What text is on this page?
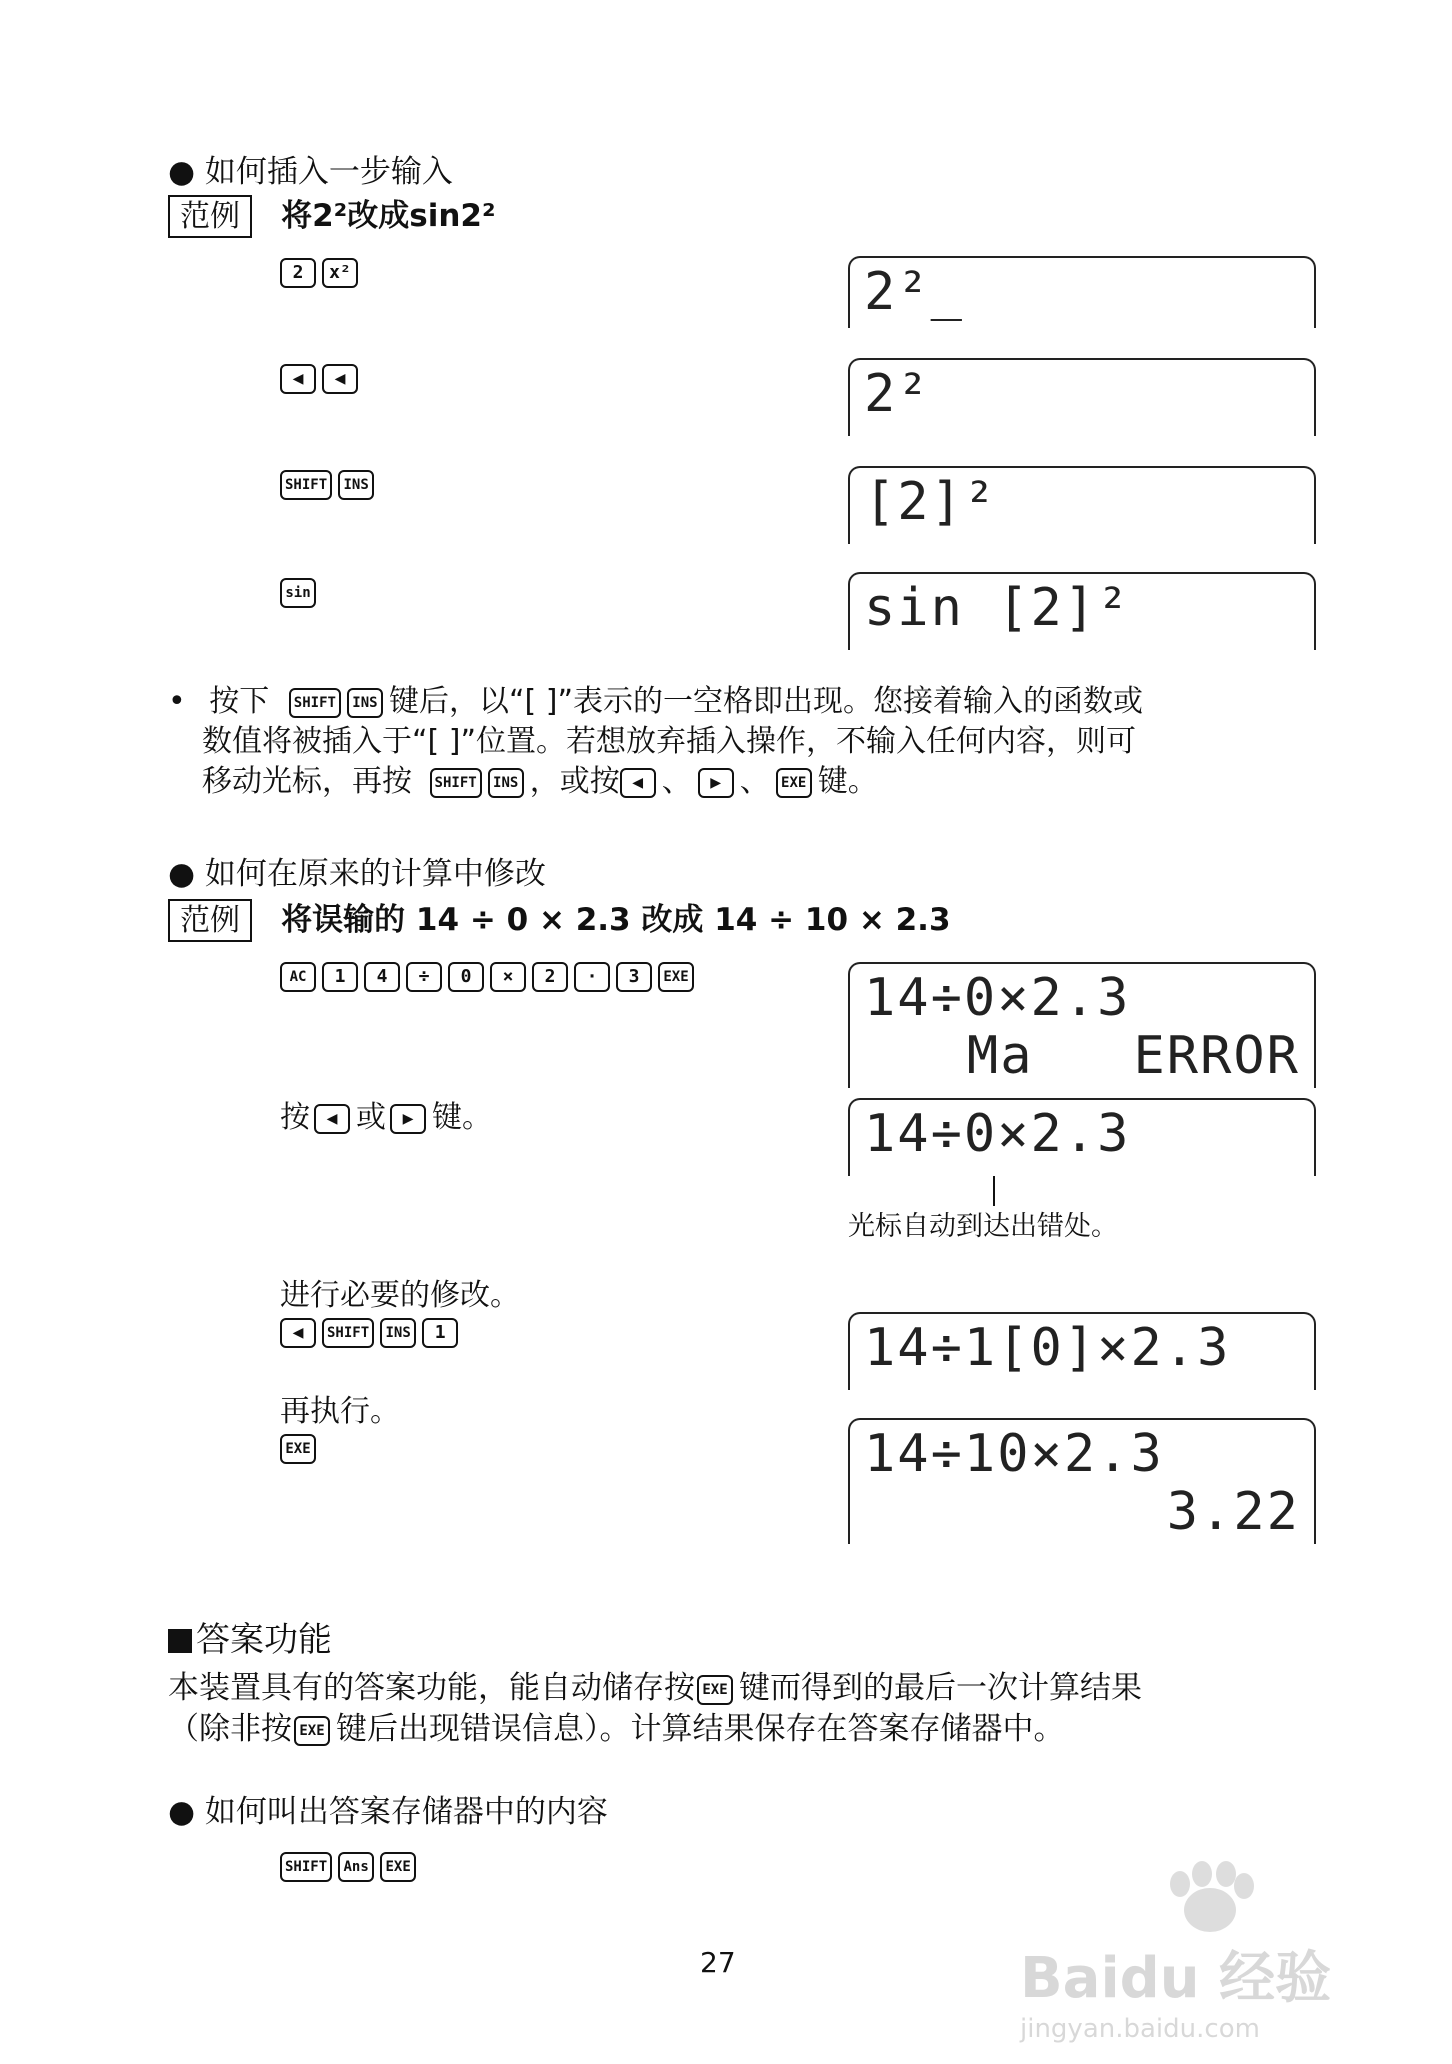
● 如何插入一步输入
范例 将2²改成sin2²
2 x²	2²_
◀ ◀	2²
SHIFT INS	[2]²
sin	sin [2]²
• 按下 SHIFT INS 键后，以“[ ]”表示的一空格即出现。您接着输入的函数或
数值将被插入于“[ ]”位置。若想放弃插入操作，不输入任何内容，则可
移动光标，再按 SHIFT INS ，或按 ◀ 、 ▶ 、 EXE 键。
● 如何在原来的计算中修改
范例 将误输的 14 ÷ 0 × 2.3 改成 14 ÷ 10 × 2.3
AC 1 4 ÷ 0 × 2 · 3 EXE	14÷0×2.3
Ma   ERROR
按 ◀ 或 ▶ 键。	14÷0×2.3
光标自动到达出错处。
进行必要的修改。
◀ SHIFT INS 1	14÷1[0]×2.3
再执行。
EXE	14÷10×2.3
3.22
答案功能
本装置具有的答案功能，能自动储存按 EXE 键而得到的最后一次计算结果
（除非按 EXE 键后出现错误信息）。计算结果保存在答案存储器中。
● 如何叫出答案存储器中的内容
SHIFT Ans EXE
27	Baidu 经验
jingyan.baidu.com
